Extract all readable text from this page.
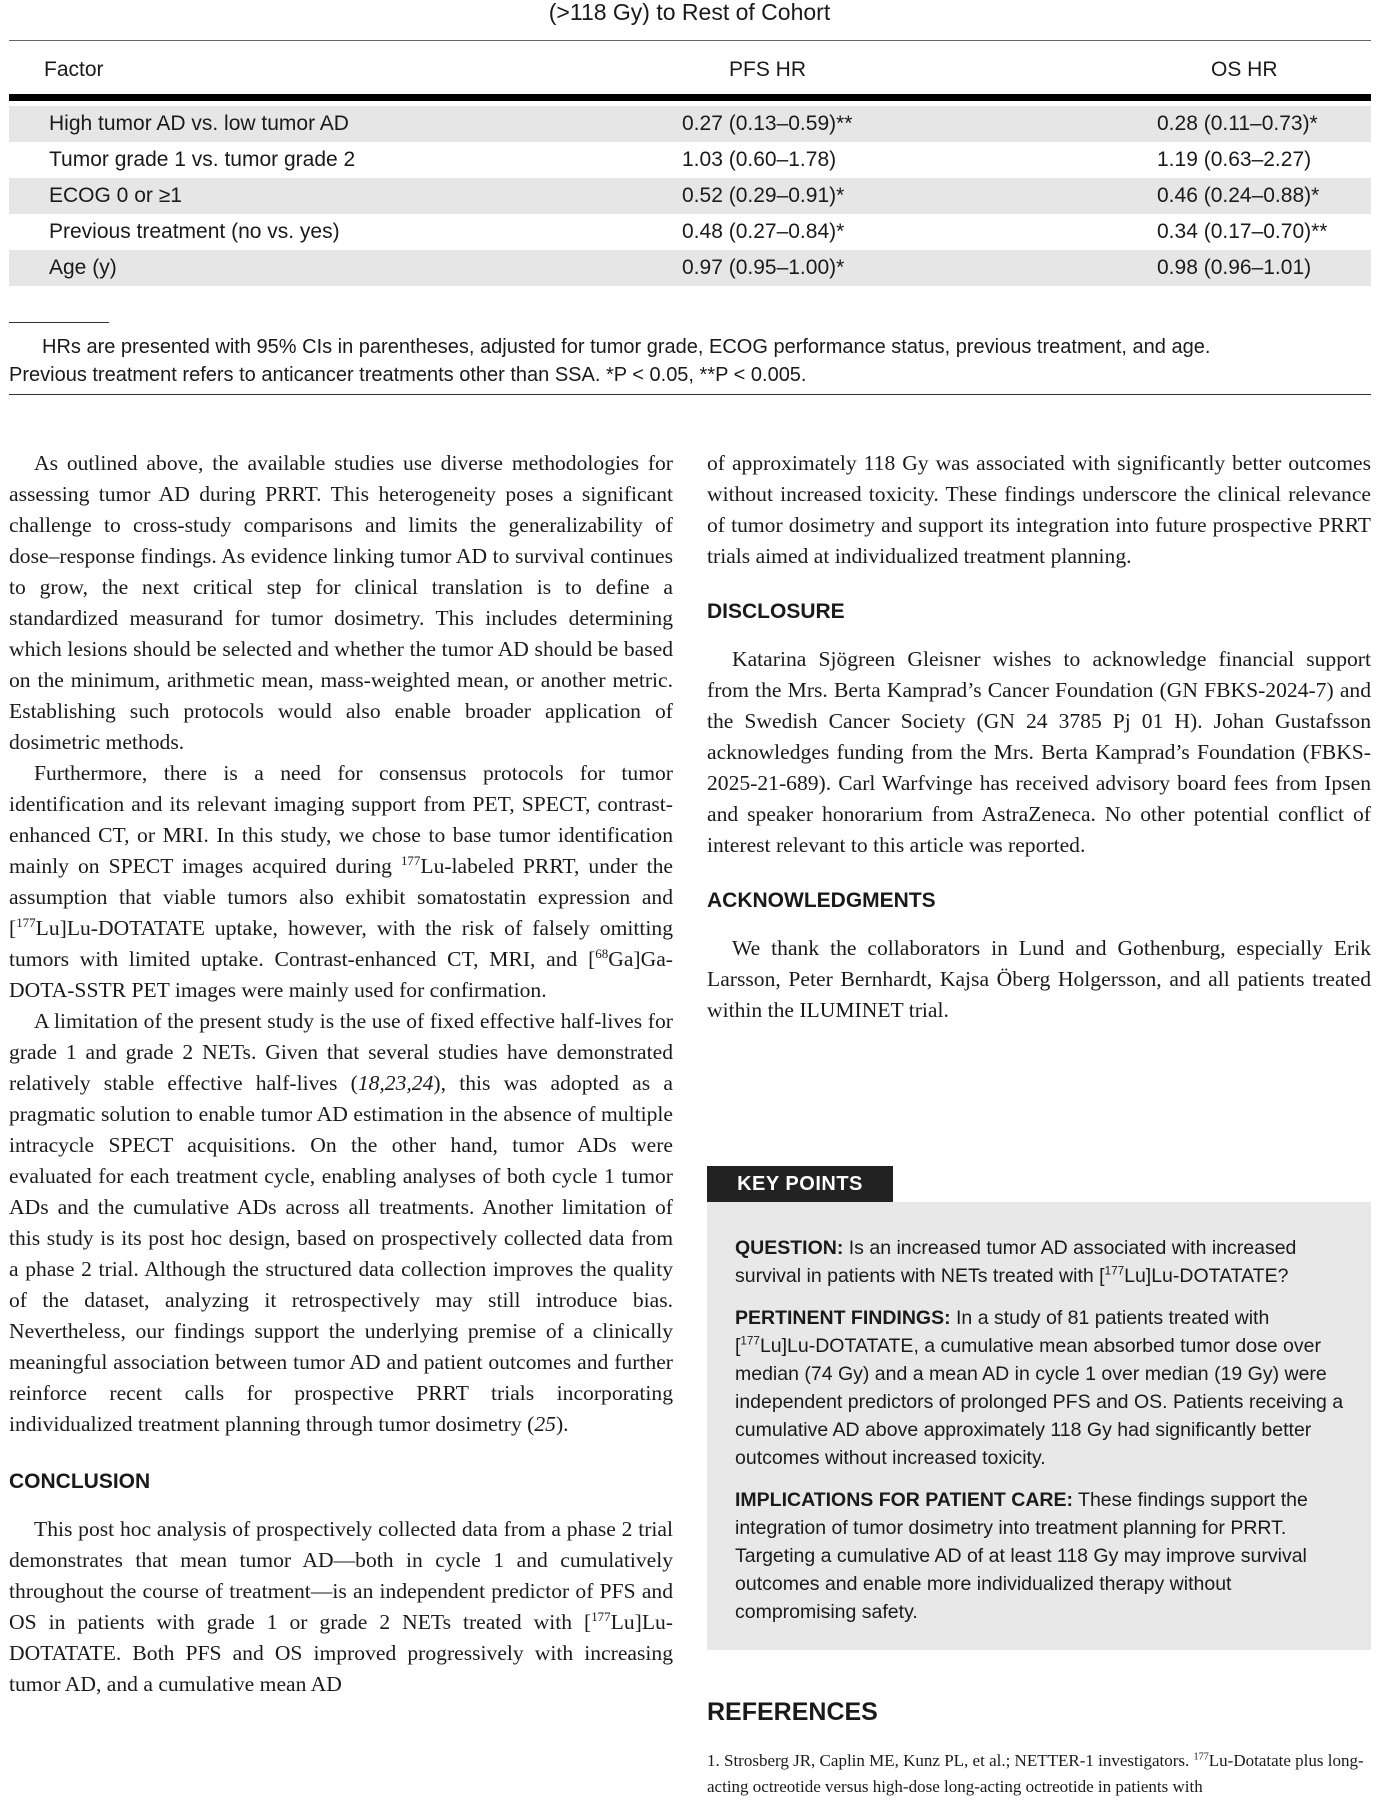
(>118 Gy) to Rest of Cohort
Factor	PFS HR	OS HR
High tumor AD vs. low tumor AD	0.27 (0.13–0.59)**	0.28 (0.11–0.73)*
Tumor grade 1 vs. tumor grade 2	1.03 (0.60–1.78)	1.19 (0.63–2.27)
ECOG 0 or ≥1	0.52 (0.29–0.91)*	0.46 (0.24–0.88)*
Previous treatment (no vs. yes)	0.48 (0.27–0.84)*	0.34 (0.17–0.70)**
Age (y)	0.97 (0.95–1.00)*	0.98 (0.96–1.01)

HRs are presented with 95% CIs in parentheses, adjusted for tumor grade, ECOG performance status, previous treatment, and age.

Previous treatment refers to anticancer treatments other than SSA. *P < 0.05, **P < 0.005.

As outlined above, the available studies use diverse methodologies for assessing tumor AD during PRRT. This heterogeneity poses a significant challenge to cross-study comparisons and limits the generalizability of dose–response findings. As evidence linking tumor AD to survival continues to grow, the next critical step for clinical translation is to define a standardized measurand for tumor dosimetry. This includes determining which lesions should be selected and whether the tumor AD should be based on the minimum, arithmetic mean, mass-weighted mean, or another metric. Establishing such protocols would also enable broader application of dosimetric methods.

Furthermore, there is a need for consensus protocols for tumor identification and its relevant imaging support from PET, SPECT, contrast-enhanced CT, or MRI. In this study, we chose to base tumor identification mainly on SPECT images acquired during $^{177}$Lu-labeled PRRT, under the assumption that viable tumors also exhibit somatostatin expression and [$^{177}$Lu]Lu-DOTATATE uptake, however, with the risk of falsely omitting tumors with limited uptake. Contrast-enhanced CT, MRI, and [$^{68}$Ga]Ga-DOTA-SSTR PET images were mainly used for confirmation.

A limitation of the present study is the use of fixed effective half-lives for grade 1 and grade 2 NETs. Given that several studies have demonstrated relatively stable effective half-lives (18,23,24), this was adopted as a pragmatic solution to enable tumor AD estimation in the absence of multiple intracycle SPECT acquisitions. On the other hand, tumor ADs were evaluated for each treatment cycle, enabling analyses of both cycle 1 tumor ADs and the cumulative ADs across all treatments. Another limitation of this study is its post hoc design, based on prospectively collected data from a phase 2 trial. Although the structured data collection improves the quality of the dataset, analyzing it retrospectively may still introduce bias. Nevertheless, our findings support the underlying premise of a clinically meaningful association between tumor AD and patient outcomes and further reinforce recent calls for prospective PRRT trials incorporating individualized treatment planning through tumor dosimetry (25).

CONCLUSION

This post hoc analysis of prospectively collected data from a phase 2 trial demonstrates that mean tumor AD—both in cycle 1 and cumulatively throughout the course of treatment—is an independent predictor of PFS and OS in patients with grade 1 or grade 2 NETs treated with [$^{177}$Lu]Lu-DOTATATE. Both PFS and OS improved progressively with increasing tumor AD, and a cumulative mean AD

of approximately 118 Gy was associated with significantly better outcomes without increased toxicity. These findings underscore the clinical relevance of tumor dosimetry and support its integration into future prospective PRRT trials aimed at individualized treatment planning.

DISCLOSURE

Katarina Sjögreen Gleisner wishes to acknowledge financial support from the Mrs. Berta Kamprad’s Cancer Foundation (GN FBKS-2024-7) and the Swedish Cancer Society (GN 24 3785 Pj 01 H). Johan Gustafsson acknowledges funding from the Mrs. Berta Kamprad’s Foundation (FBKS-2025-21-689). Carl Warfvinge has received advisory board fees from Ipsen and speaker honorarium from AstraZeneca. No other potential conflict of interest relevant to this article was reported.

ACKNOWLEDGMENTS

We thank the collaborators in Lund and Gothenburg, especially Erik Larsson, Peter Bernhardt, Kajsa Öberg Holgersson, and all patients treated within the ILUMINET trial.

KEY POINTS

QUESTION: Is an increased tumor AD associated with increased survival in patients with NETs treated with [$^{177}$Lu]Lu-DOTATATE?

PERTINENT FINDINGS: In a study of 81 patients treated with [$^{177}$Lu]Lu-DOTATATE, a cumulative mean absorbed tumor dose over median (74 Gy) and a mean AD in cycle 1 over median (19 Gy) were independent predictors of prolonged PFS and OS. Patients receiving a cumulative AD above approximately 118 Gy had significantly better outcomes without increased toxicity.

IMPLICATIONS FOR PATIENT CARE: These findings support the integration of tumor dosimetry into treatment planning for PRRT. Targeting a cumulative AD of at least 118 Gy may improve survival outcomes and enable more individualized therapy without compromising safety.

REFERENCES
1. Strosberg JR, Caplin ME, Kunz PL, et al.; NETTER-1 investigators. $^{177}$Lu-Dotatate plus long-acting octreotide versus high-dose long-acting octreotide in patients with
